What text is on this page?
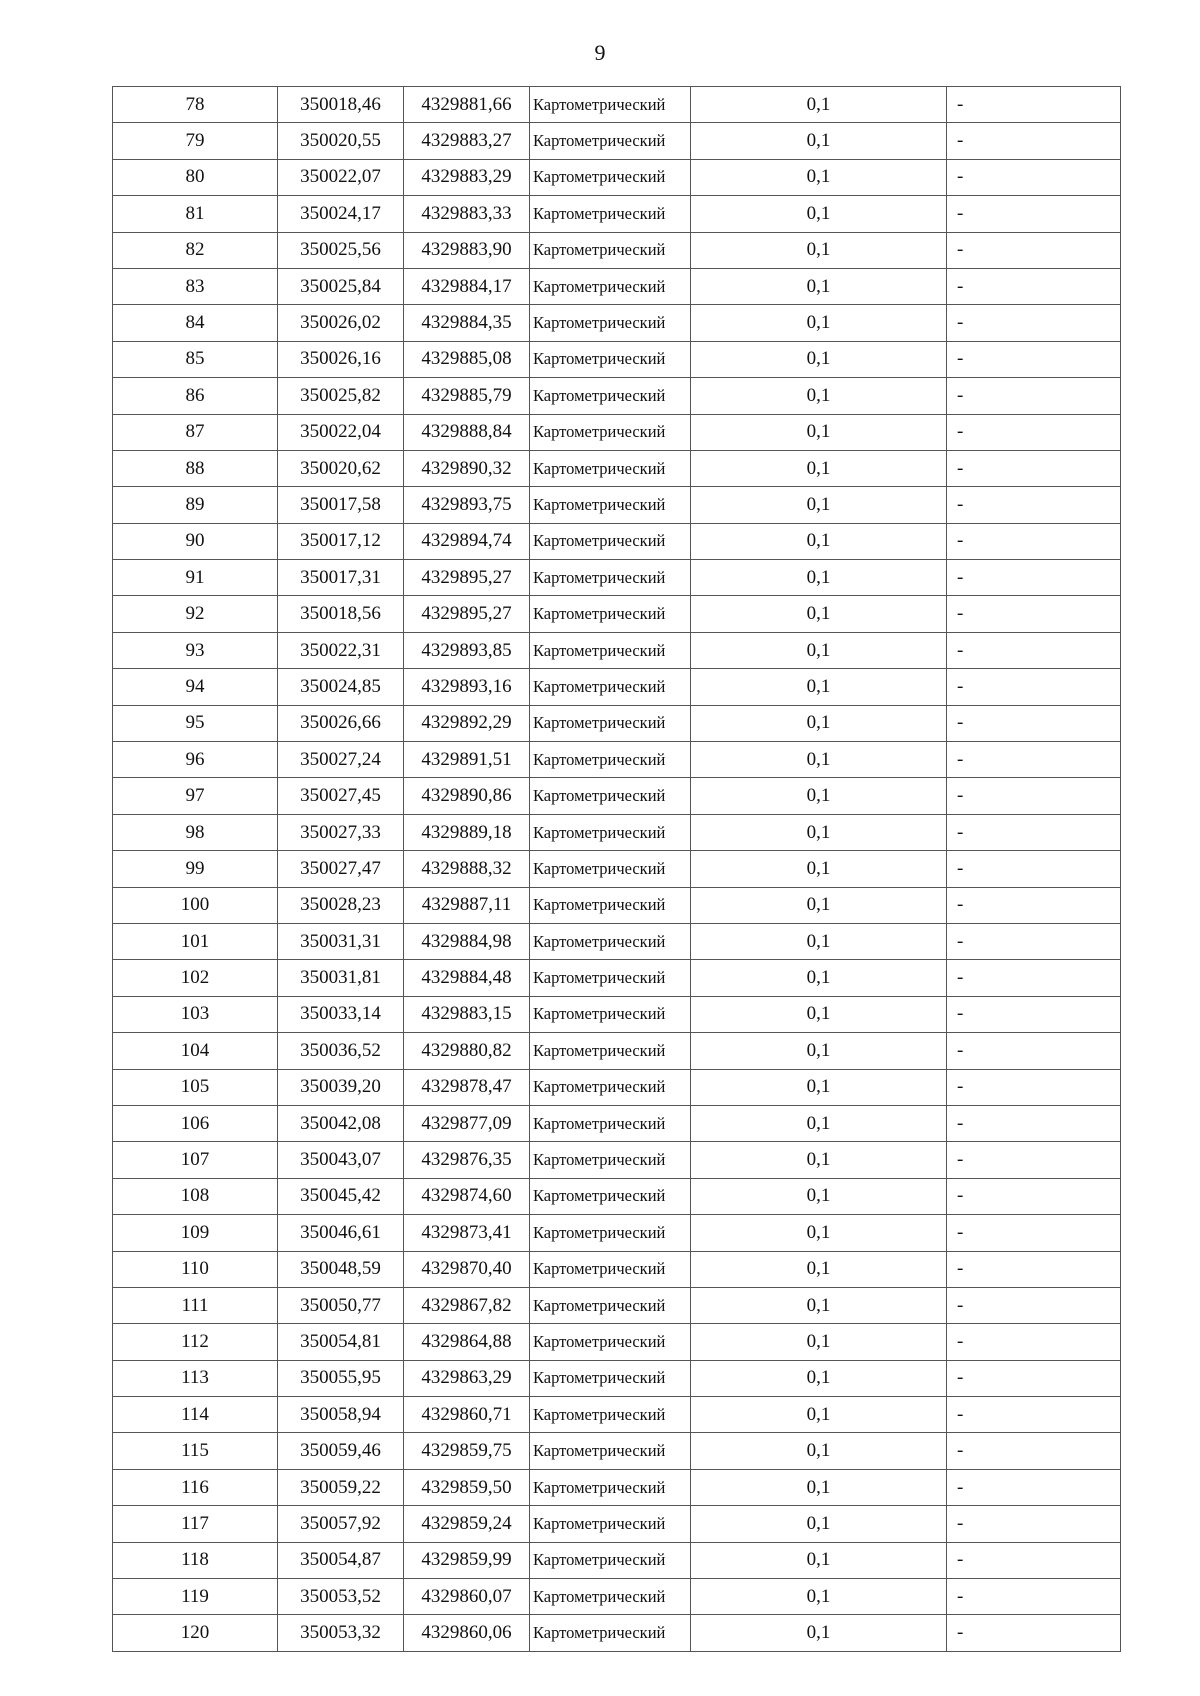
9
78	350018,46	4329881,66	Картометрический	0,1	-
79	350020,55	4329883,27	Картометрический	0,1	-
80	350022,07	4329883,29	Картометрический	0,1	-
81	350024,17	4329883,33	Картометрический	0,1	-
82	350025,56	4329883,90	Картометрический	0,1	-
83	350025,84	4329884,17	Картометрический	0,1	-
84	350026,02	4329884,35	Картометрический	0,1	-
85	350026,16	4329885,08	Картометрический	0,1	-
86	350025,82	4329885,79	Картометрический	0,1	-
87	350022,04	4329888,84	Картометрический	0,1	-
88	350020,62	4329890,32	Картометрический	0,1	-
89	350017,58	4329893,75	Картометрический	0,1	-
90	350017,12	4329894,74	Картометрический	0,1	-
91	350017,31	4329895,27	Картометрический	0,1	-
92	350018,56	4329895,27	Картометрический	0,1	-
93	350022,31	4329893,85	Картометрический	0,1	-
94	350024,85	4329893,16	Картометрический	0,1	-
95	350026,66	4329892,29	Картометрический	0,1	-
96	350027,24	4329891,51	Картометрический	0,1	-
97	350027,45	4329890,86	Картометрический	0,1	-
98	350027,33	4329889,18	Картометрический	0,1	-
99	350027,47	4329888,32	Картометрический	0,1	-
100	350028,23	4329887,11	Картометрический	0,1	-
101	350031,31	4329884,98	Картометрический	0,1	-
102	350031,81	4329884,48	Картометрический	0,1	-
103	350033,14	4329883,15	Картометрический	0,1	-
104	350036,52	4329880,82	Картометрический	0,1	-
105	350039,20	4329878,47	Картометрический	0,1	-
106	350042,08	4329877,09	Картометрический	0,1	-
107	350043,07	4329876,35	Картометрический	0,1	-
108	350045,42	4329874,60	Картометрический	0,1	-
109	350046,61	4329873,41	Картометрический	0,1	-
110	350048,59	4329870,40	Картометрический	0,1	-
111	350050,77	4329867,82	Картометрический	0,1	-
112	350054,81	4329864,88	Картометрический	0,1	-
113	350055,95	4329863,29	Картометрический	0,1	-
114	350058,94	4329860,71	Картометрический	0,1	-
115	350059,46	4329859,75	Картометрический	0,1	-
116	350059,22	4329859,50	Картометрический	0,1	-
117	350057,92	4329859,24	Картометрический	0,1	-
118	350054,87	4329859,99	Картометрический	0,1	-
119	350053,52	4329860,07	Картометрический	0,1	-
120	350053,32	4329860,06	Картометрический	0,1	-
